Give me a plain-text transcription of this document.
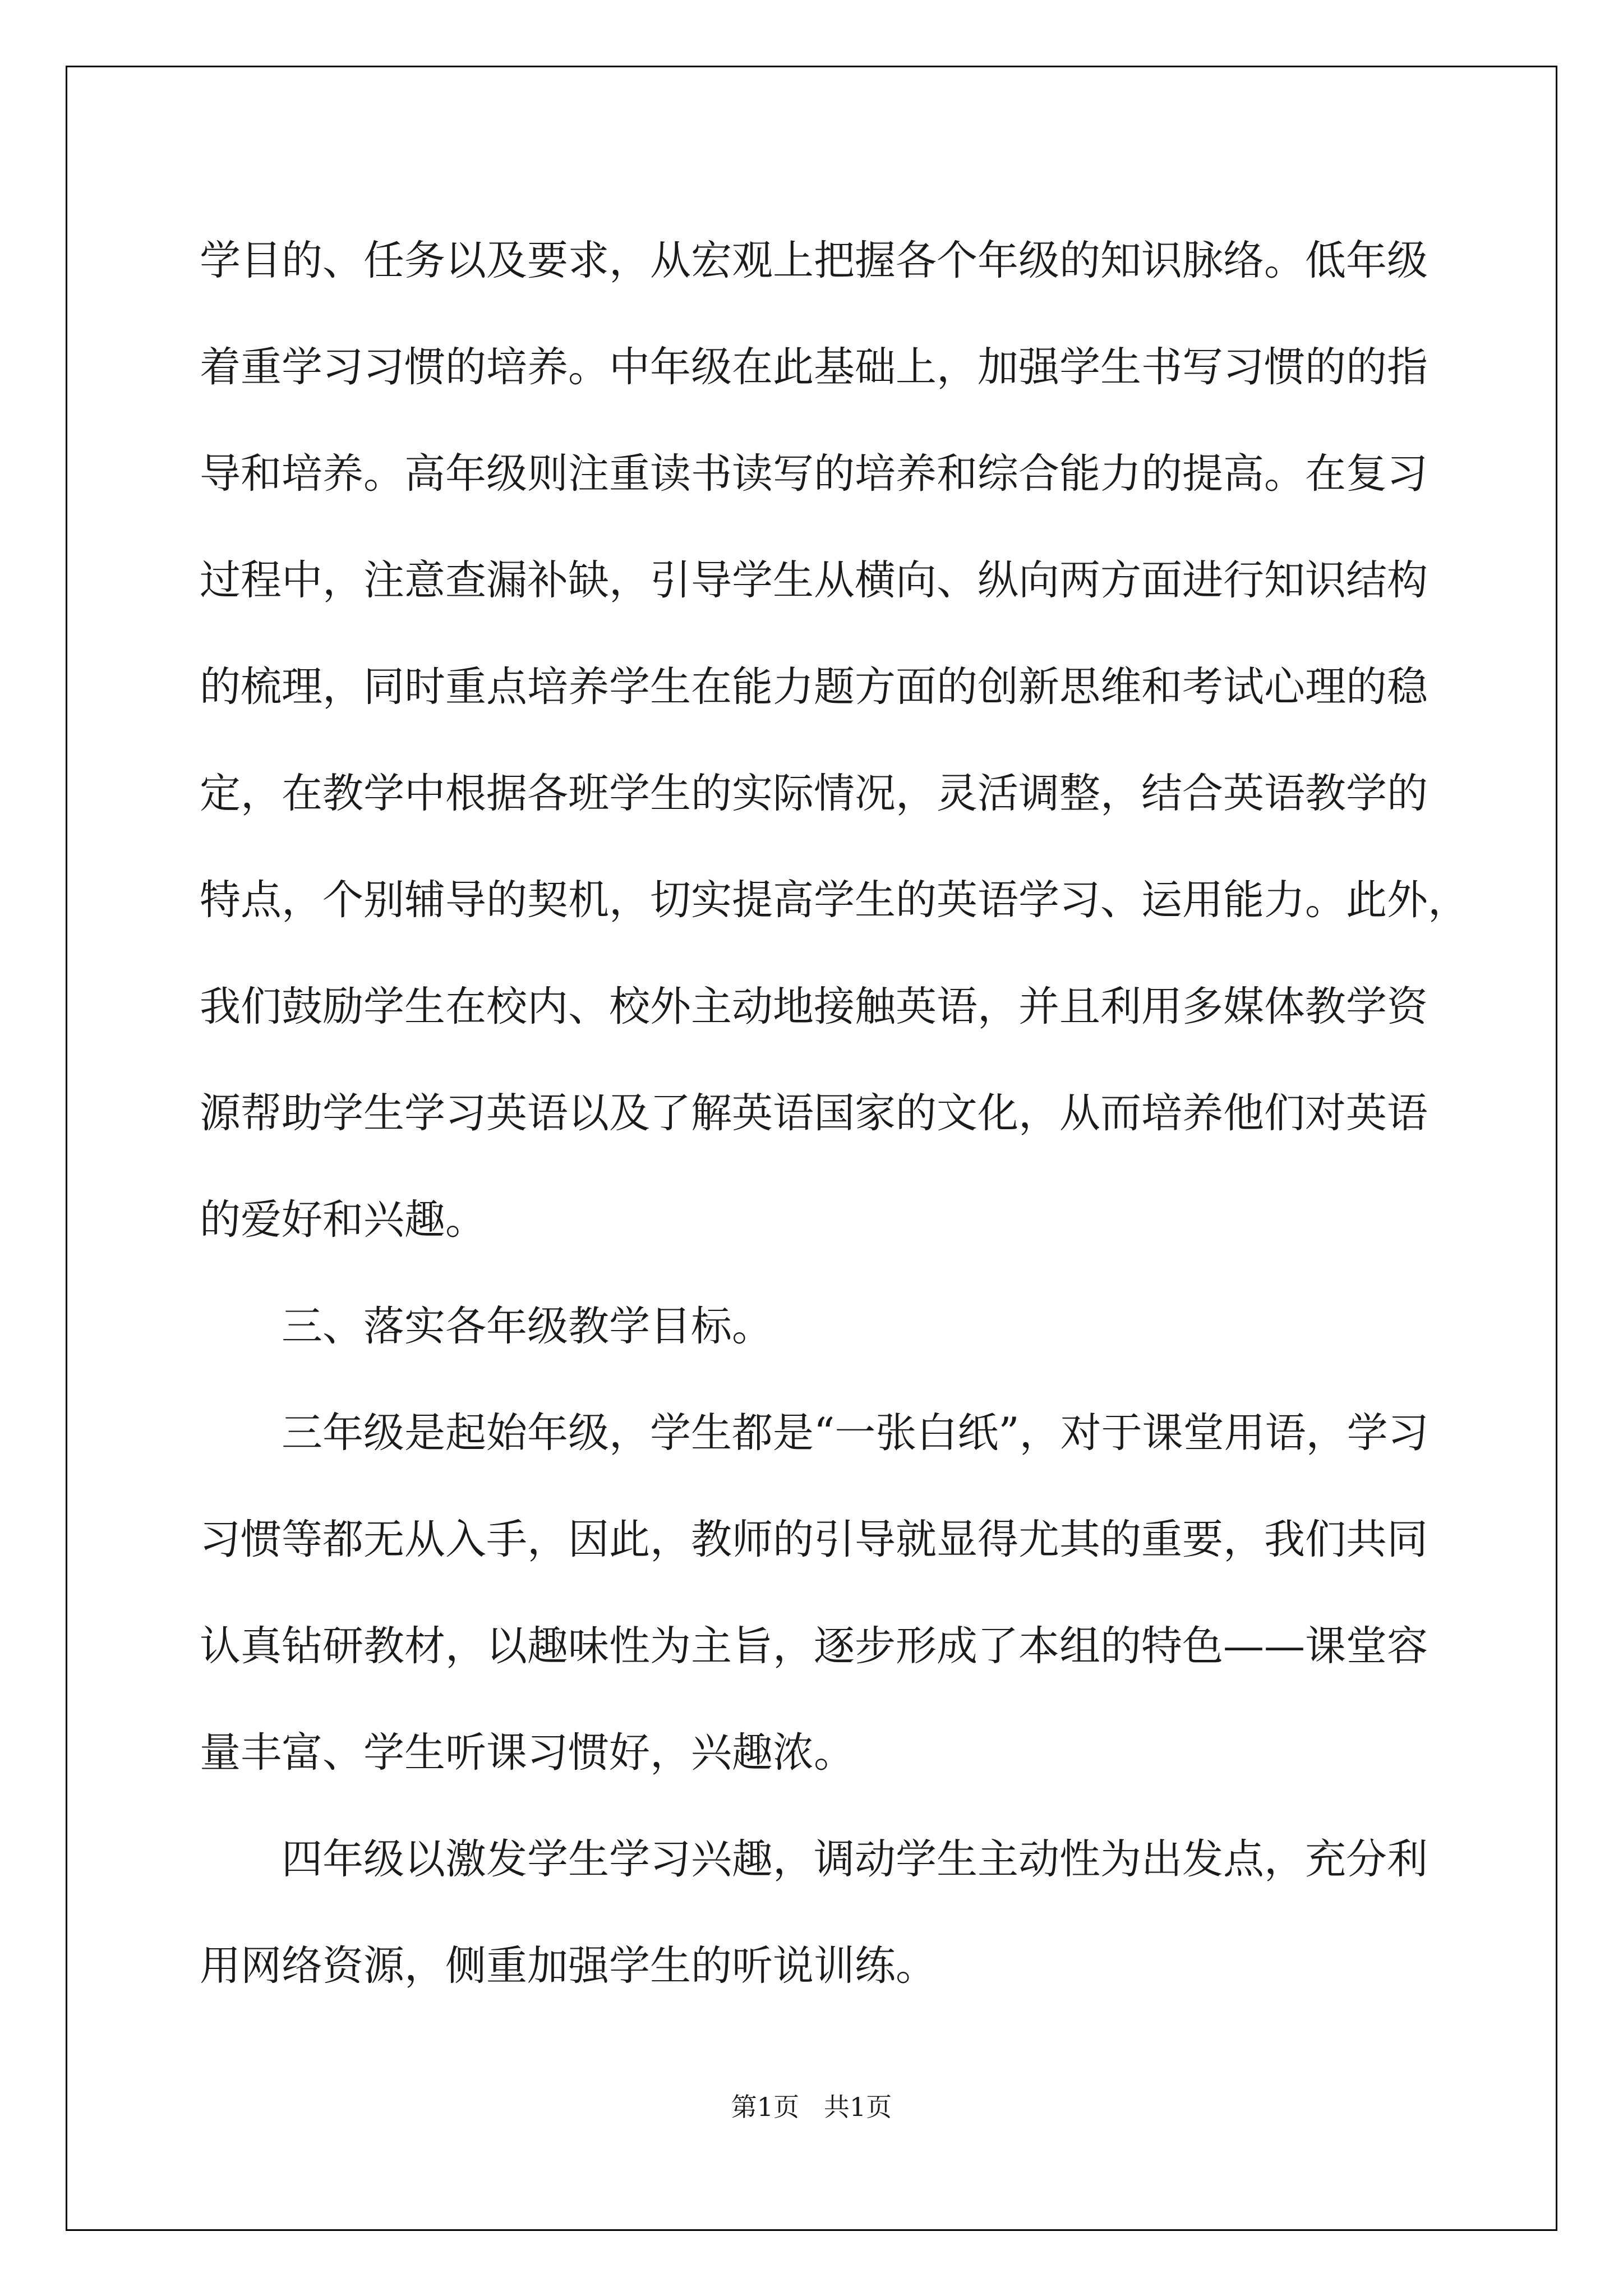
学目的、任务以及要求，从宏观上把握各个年级的知识脉络。低年级
着重学习习惯的培养。中年级在此基础上，加强学生书写习惯的的指
导和培养。高年级则注重读书读写的培养和综合能力的提高。在复习
过程中，注意查漏补缺，引导学生从横向、纵向两方面进行知识结构
的梳理，同时重点培养学生在能力题方面的创新思维和考试心理的稳
定，在教学中根据各班学生的实际情况，灵活调整，结合英语教学的
特点，个别辅导的契机，切实提高学生的英语学习、运用能力。此外，
我们鼓励学生在校内、校外主动地接触英语，并且利用多媒体教学资
源帮助学生学习英语以及了解英语国家的文化，从而培养他们对英语
的爱好和兴趣。
三、落实各年级教学目标。
三年级是起始年级，学生都是“一张白纸”，对于课堂用语，学习
习惯等都无从入手，因此，教师的引导就显得尤其的重要，我们共同
认真钻研教材，以趣味性为主旨，逐步形成了本组的特色——课堂容
量丰富、学生听课习惯好，兴趣浓。
四年级以激发学生学习兴趣，调动学生主动性为出发点，充分利
用网络资源，侧重加强学生的听说训练。
第1页   共1页
